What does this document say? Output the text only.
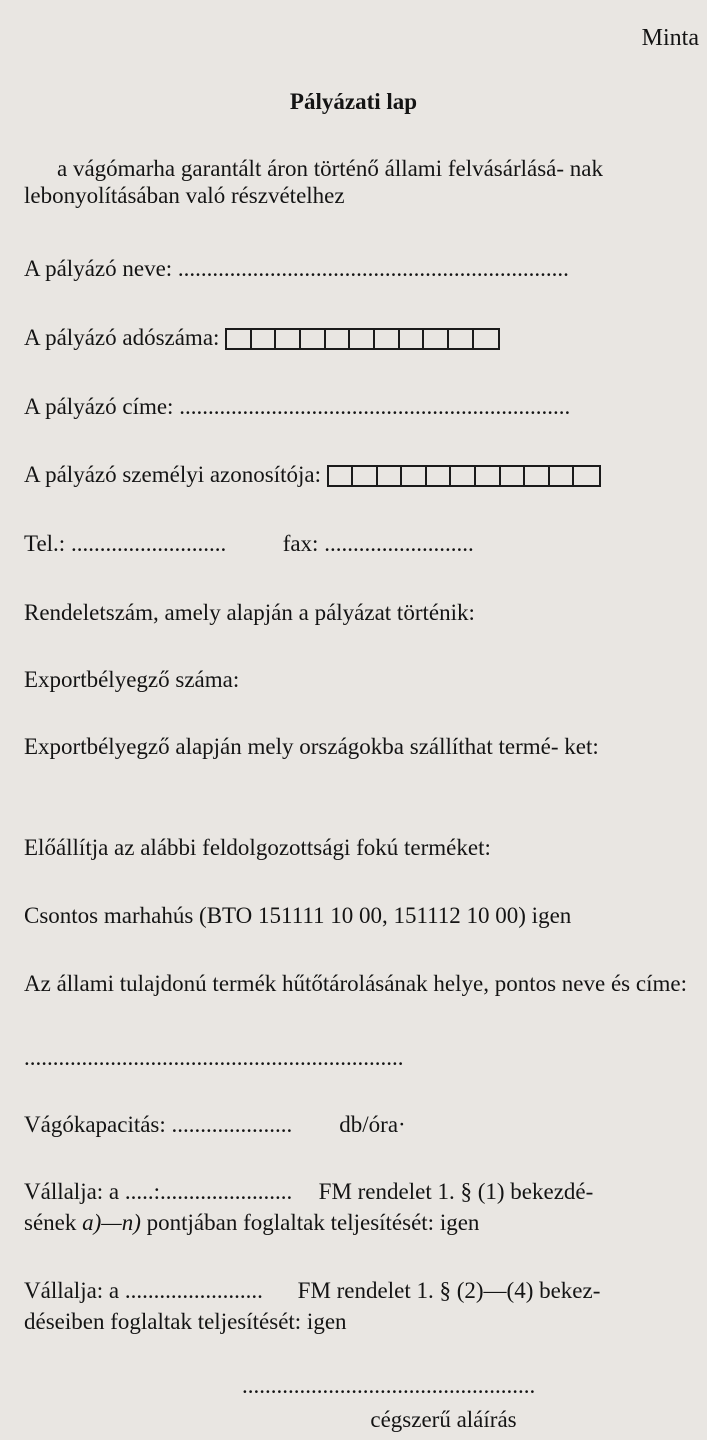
Minta
Pályázati lap
a vágómarha garantált áron történő állami felvásárlásá- nak lebonyolításában való részvételhez
A pályázó neve: ....................................................................
A pályázó adószáma:
A pályázó címe: ....................................................................
A pályázó személyi azonosítója:
Tel.: ........................... fax: ..........................
Rendeletszám, amely alapján a pályázat történik:
Exportbélyegző száma:
Exportbélyegző alapján mely országokba szállíthat termé- ket:
Előállítja az alábbi feldolgozottsági fokú terméket:
Csontos marhahús (BTO 151111 10 00, 151112 10 00) igen
Az állami tulajdonú termék hűtőtárolásának helye, pontos neve és címe:
..................................................................
Vágókapacitás: ..................... db/óra·
Vállalja: a .....:....................... FM rendelet 1. § (1) bekezdé-
sének a)—n) pontjában foglaltak teljesítését: igen
Vállalja: a ........................ FM rendelet 1. § (2)—(4) bekez-
déseiben foglaltak teljesítését: igen
...................................................
cégszerű aláírás
